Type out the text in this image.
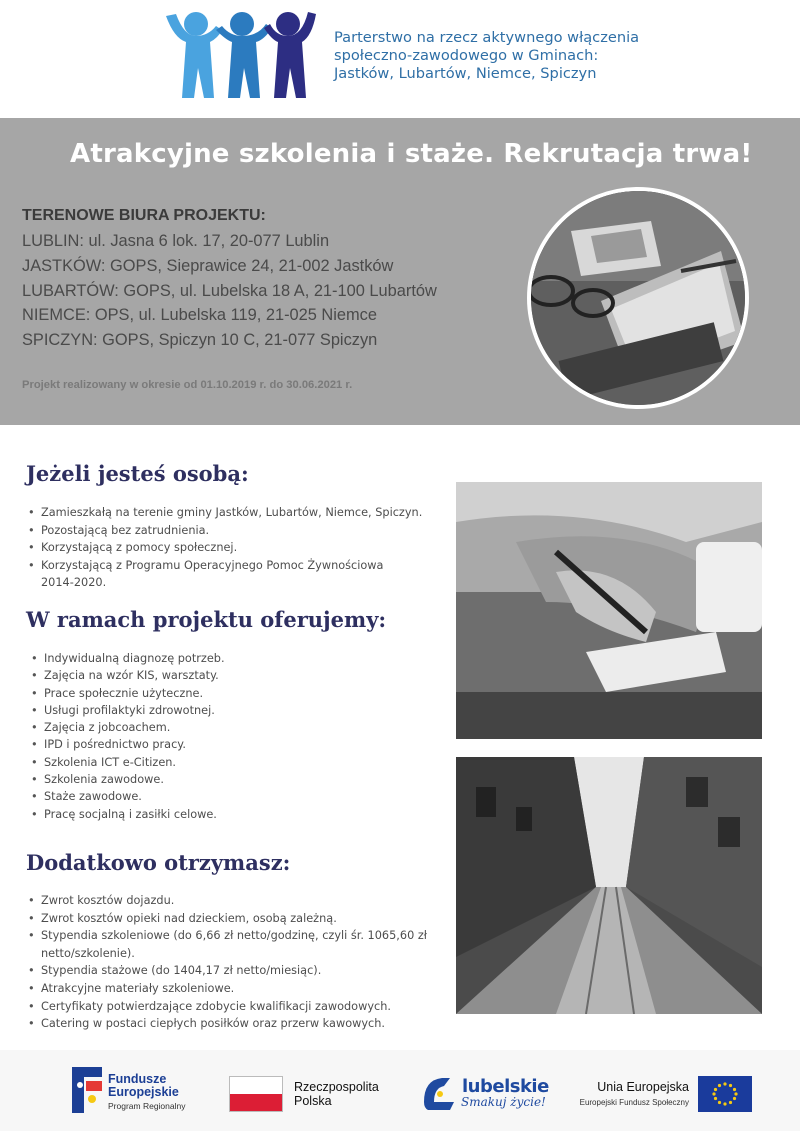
Parterstwo na rzecz aktywnego włączenia
społeczno-zawodowego w Gminach:
Jastków, Lubartów, Niemce, Spiczyn
Atrakcyjne szkolenia i staże. Rekrutacja trwa!
TERENOWE BIURA PROJEKTU:
LUBLIN: ul. Jasna 6 lok. 17, 20-077 Lublin
JASTKÓW: GOPS, Sieprawice 24, 21-002 Jastków
LUBARTÓW: GOPS, ul. Lubelska 18 A, 21-100 Lubartów
NIEMCE: OPS, ul. Lubelska 119, 21-025 Niemce
SPICZYN: GOPS, Spiczyn 10 C, 21-077 Spiczyn
Projekt realizowany w okresie od 01.10.2019 r. do 30.06.2021 r.
Jeżeli jesteś osobą:
• Zamieszkałą na terenie gminy Jastków, Lubartów, Niemce, Spiczyn.
• Pozostającą bez zatrudnienia.
• Korzystającą z pomocy społecznej.
• Korzystającą z Programu Operacyjnego Pomoc Żywnościowa 2014-2020.
W ramach projektu oferujemy:
• Indywidualną diagnozę potrzeb.
• Zajęcia na wzór KIS, warsztaty.
• Prace społecznie użyteczne.
• Usługi profilaktyki zdrowotnej.
• Zajęcia z jobcoachem.
• IPD i pośrednictwo pracy.
• Szkolenia ICT e-Citizen.
• Szkolenia zawodowe.
• Staże zawodowe.
• Pracę socjalną i zasiłki celowe.
Dodatkowo otrzymasz:
• Zwrot kosztów dojazdu.
• Zwrot kosztów opieki nad dzieckiem, osobą zależną.
• Stypendia szkoleniowe (do 6,66 zł netto/godzinę, czyli śr. 1065,60 zł netto/szkolenie).
• Stypendia stażowe (do 1404,17 zł netto/miesiąc).
• Atrakcyjne materiały szkoleniowe.
• Certyfikaty potwierdzające zdobycie kwalifikacji zawodowych.
• Catering w postaci ciepłych posiłków oraz przerw kawowych.
Fundusze
Europejskie
Program Regionalny
Rzeczpospolita
Polska
lubelskie
Smakuj życie!
Unia Europejska
Europejski Fundusz Społeczny
